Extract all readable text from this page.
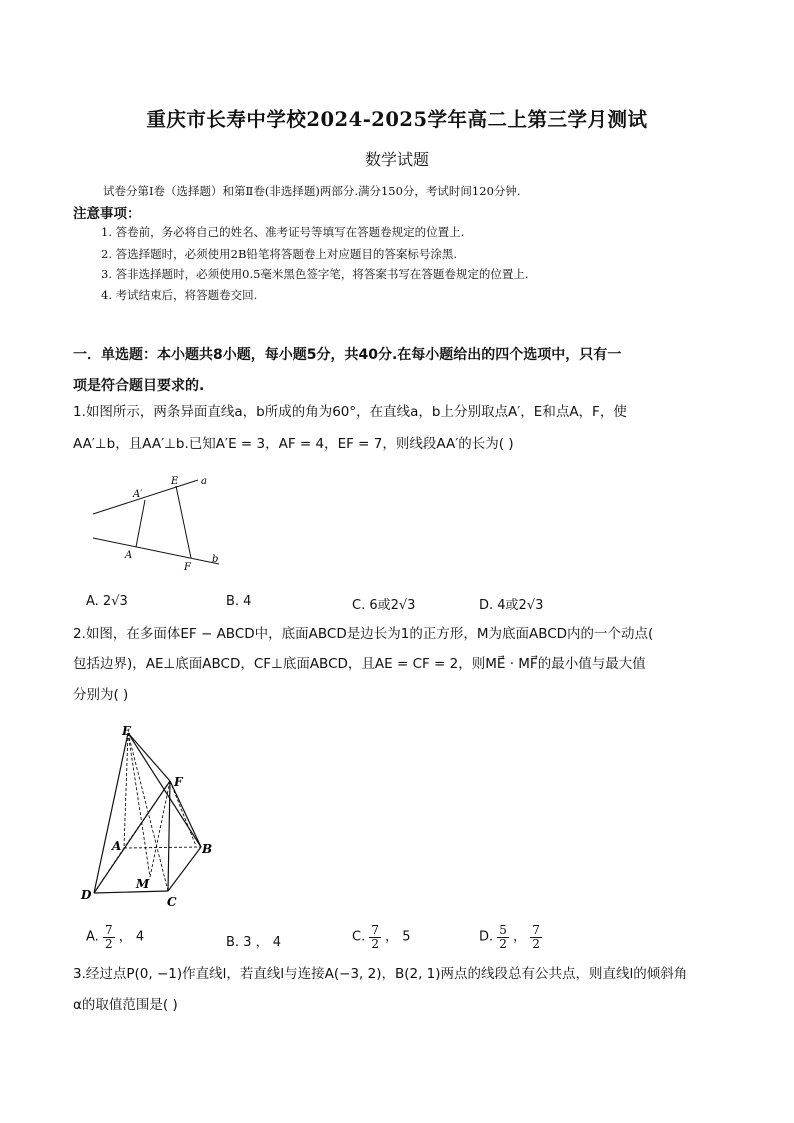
重庆市长寿中学校2024-2025学年高二上第三学月测试
数学试题
试卷分第Ⅰ卷（选择题）和第Ⅱ卷(非选择题)两部分.满分150分，考试时间120分钟.
注意事项：
1. 答卷前，务必将自己的姓名、准考证号等填写在答题卷规定的位置上.
2. 答选择题时，必须使用2B铅笔将答题卷上对应题目的答案标号涂黑.
3. 答非选择题时，必须使用0.5毫米黑色签字笔，将答案书写在答题卷规定的位置上.
4. 考试结束后，将答题卷交回.
一．单选题：本小题共8小题，每小题5分，共40分.在每小题给出的四个选项中，只有一
项是符合题目要求的.
1.如图所示，两条异面直线a，b所成的角为60°，在直线a，b上分别取点A′，E和点A，F，使
AA′⊥b，且AA′⊥b.已知A′E = 3，AF = 4，EF = 7，则线段AA′的长为( )
A′
E a
A
F
b
A. 2√3	B. 4	C. 6或2√3	D. 4或2√3
2.如图，在多面体EF − ABCD中，底面ABCD是边长为1的正方形，M为底面ABCD内的一个动点(
包括边界)，AE⊥底面ABCD，CF⊥底面ABCD，且AE = CF = 2，则ME⃗ · MF⃗的最小值与最大值
分别为( )
E
F
A	B
D	C
M
A. $\frac{7}{2}$ ， 4	B. 3 ， 4	C. $\frac{7}{2}$ ， 5	D. $\frac{5}{2}$ ， $\frac{7}{2}$
3.经过点P(0, −1)作直线l，若直线l与连接A(−3, 2)，B(2, 1)两点的线段总有公共点，则直线l的倾斜角
α的取值范围是( )
